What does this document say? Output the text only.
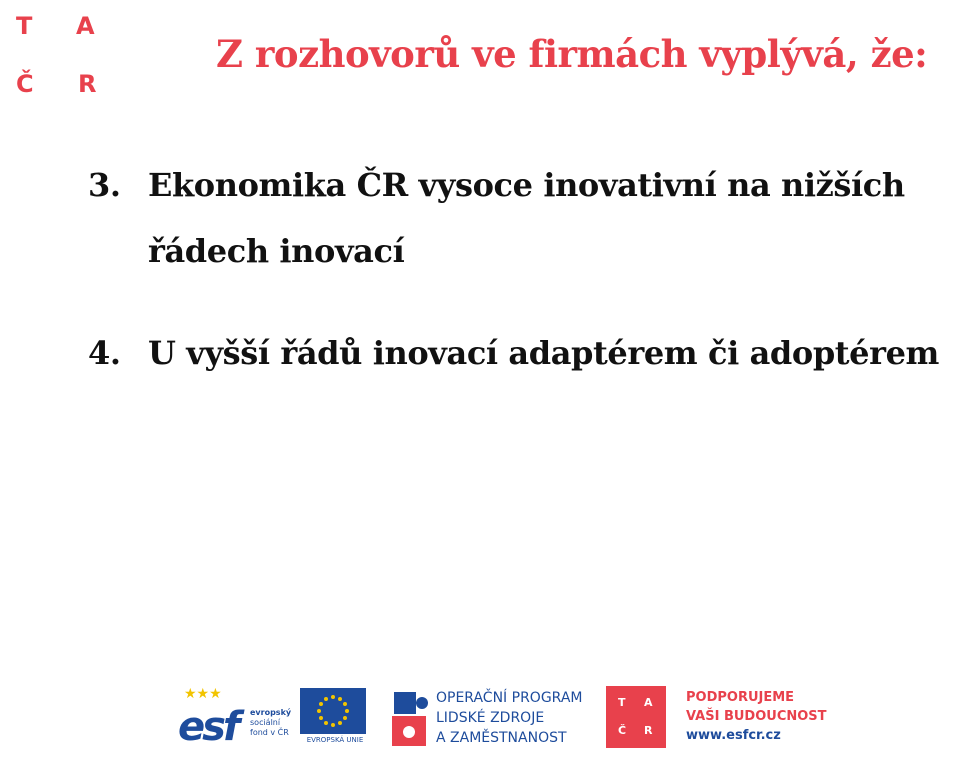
T A
Č R
Z rozhovorů ve firmách vyplývá, že:
3. Ekonomika ČR vysoce inovativní na nižších
řádech inovací
4. U vyšší řádů inovací adaptérem či adoptérem
★★★
esf evropský
sociální
fond v ČR
EVROPSKÁ UNIE
OPERAČNÍ PROGRAM
LIDSKÉ ZDROJE
A ZAMĚSTNANOST
T A
Č R
PODPORUJEME
VAŠI BUDOUCNOST
www.esfcr.cz
